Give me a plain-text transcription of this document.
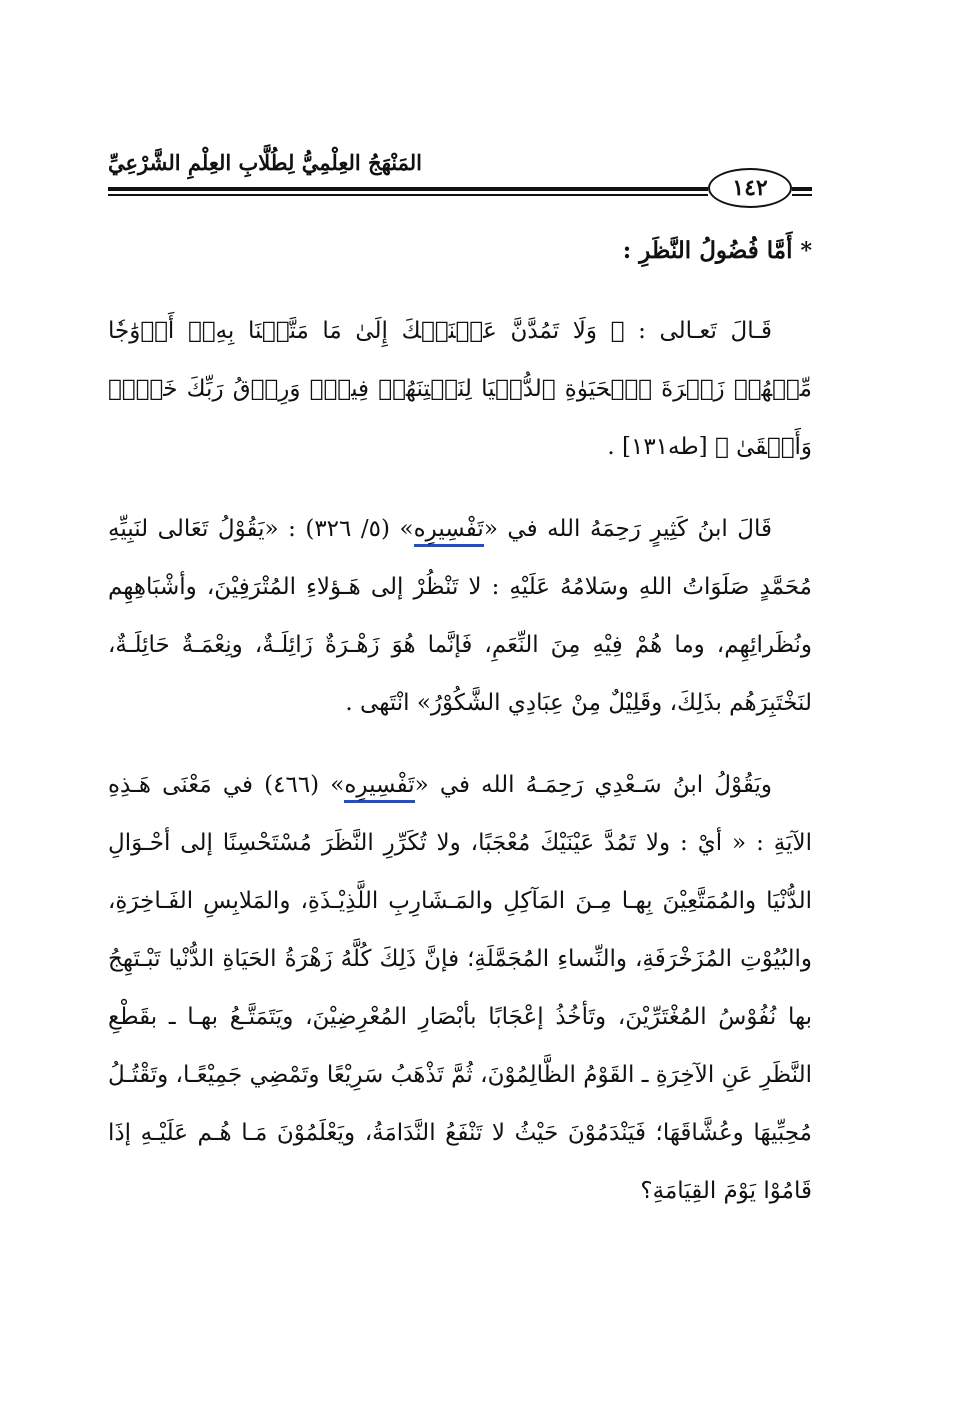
المَنْهَجُ العِلْمِيُّ لِطُلَّابِ العِلْمِ الشَّرْعِيِّ
١٤٢

* أَمَّا فُضُولُ النَّظَرِ :

قَـالَ تَعـالى : ﴿ وَلَا تَمُدَّنَّ عَيۡنَيۡكَ إِلَىٰ مَا مَتَّعۡنَا بِهِۦٓ أَزۡوَٰجٗا مِّنۡهُمۡ زَهۡرَةَ ٱلۡحَيَوٰةِ ٱلدُّنۡيَا لِنَفۡتِنَهُمۡ فِيهِۚ وَرِزۡقُ رَبِّكَ خَيۡرٞ وَأَبۡقَىٰ ﴾ [طه١٣١] .

قَالَ ابنُ كَثِيرٍ رَحِمَهُ الله في «تَفْسِيرِه» (٥/ ٣٢٦) : «يَقُوْلُ تَعَالى لنَبِيِّهِ مُحَمَّدٍ صَلَوَاتُ اللهِ وسَلامُهُ عَلَيْهِ : لا تَنْظُرْ إلى هَـؤلاءِ المُتْرَفِيْنَ، وأشْبَاهِهِم ونُظَرائِهِم، وما هُمْ فِيْهِ مِنَ النِّعَمِ، فَإنَّما هُوَ زَهْـرَةٌ زَائِلَـةٌ، ونِعْمَـةٌ حَائِلَـةٌ، لنَخْتَبِرَهُم بذَلِكَ، وقَلِيْلٌ مِنْ عِبَادِي الشَّكُوْرُ» انْتَهى .

ويَقُوْلُ ابنُ سَـعْدِي رَحِمَـهُ الله في «تَفْسِيرِه» (٤٦٦) في مَعْنَى هَـذِهِ الآيَةِ : « أيْ : ولا تَمُدَّ عَيْنَيْكَ مُعْجَبًا، ولا تُكَرِّرِ النَّظَرَ مُسْتَحْسِنًا إلى أحْـوَالِ الدُّنْيَا والمُمَتَّعِيْنَ بِهـا مِـنَ المَآكِلِ والمَـشَارِبِ اللَّذِيْـذَةِ، والمَلابِسِ الفَـاخِرَةِ، والبُيُوْتِ المُزَخْرَفَةِ، والنِّساءِ المُجَمَّلَةِ؛ فإنَّ ذَلِكَ كُلَّهُ زَهْرَةُ الحَيَاةِ الدُّنْيا تَبْـتَهِجُ بها نُفُوْسُ المُغْتَرِّيْنَ، وتَأخُذُ إعْجَابًا بأبْصَارِ المُعْرِضِيْنَ، ويَتَمَتَّـعُ بهـا ـ بقَطْعِ النَّظَرِ عَنِ الآخِرَةِ ـ القَوْمُ الظَّالِمُوْنَ، ثُمَّ تَذْهَبُ سَرِيْعًا وتَمْضِي جَمِيْعًـا، وتَقْتُـلُ مُحِبِّيهَا وعُشَّاقَهَا؛ فَيَنْدَمُوْنَ حَيْثُ لا تَنْفَعُ النَّدَامَةُ، ويَعْلَمُوْنَ مَـا هُـم عَلَيْـهِ إذَا قَامُوْا يَوْمَ القِيَامَةِ؟
